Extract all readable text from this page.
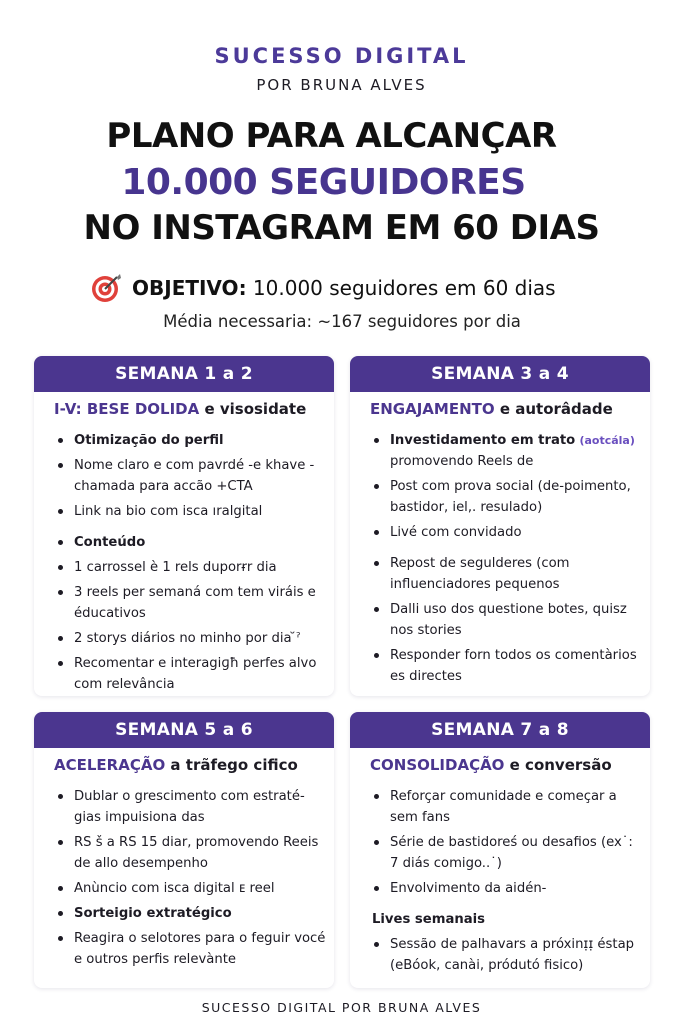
SUCESSO DIGITAL
POR BRUNA ALVES
PLANO PARA ALCANÇAR
10.000 SEGUIDORES
NO INSTAGRAM EM 60 DIAS
OBJETIVO: 10.000 seguidores em 60 dias
Média necessaria: ~167 seguidores por dia
SEMANA 1 a 2
I-V: BESE DOLIDA e visosidate
Otimização do perfil
Nome claro e com pavrdé -e khave -chamada para accão +CTA
Link na bio com isca ıralgital
Conteúdo
1 carrossel è 1 rels duporɍr dia
3 reels per semaná com tem viráis e éducativos
2 storys diários no minho por dia ̆ˀ
Recomentar e interagiɡħ perfes alvo com relevância
SEMANA 3 a 4
ENGAJAMENTO e autorâdade
Investidamento em trato (aotcála)
promovendo Reels de
Post com prova social (de-poimento, bastidor, iel,. resulado)
Livé com convidado
Repost de segulderes (com influenciadores pequenos
Dalli uso dos questione botes, quisz nos stories
Responder forn todos os comentàrios es directes
SEMANA 5 a 6
ACELERAÇÃO a trãfego cifico
Dublar o grescimento com estraté-gias impuisiona das
RS š a RS 15 diar, promovendo Reeis de allo desempenho
Anùncio com isca digital ᴇ reel
Sorteigio extratégico
Reagira o selotores para o feguir vocé e outros perfis relevànte
SEMANA 7 a 8
CONSOLIDAÇÃO e conversão
Reforçar comunidade e começar a sem fans
Série de bastidoreś ou desafios (ex˙: 7 diás comigo..˙)
Envolvimento da aidén-
Lives semanais
Sessão de palhavars a próxinɪ̣ɪ̣ éstap (eBóok, canài, pródutó fisico)
SUCESSO DIGITAL POR BRUNA ALVES
